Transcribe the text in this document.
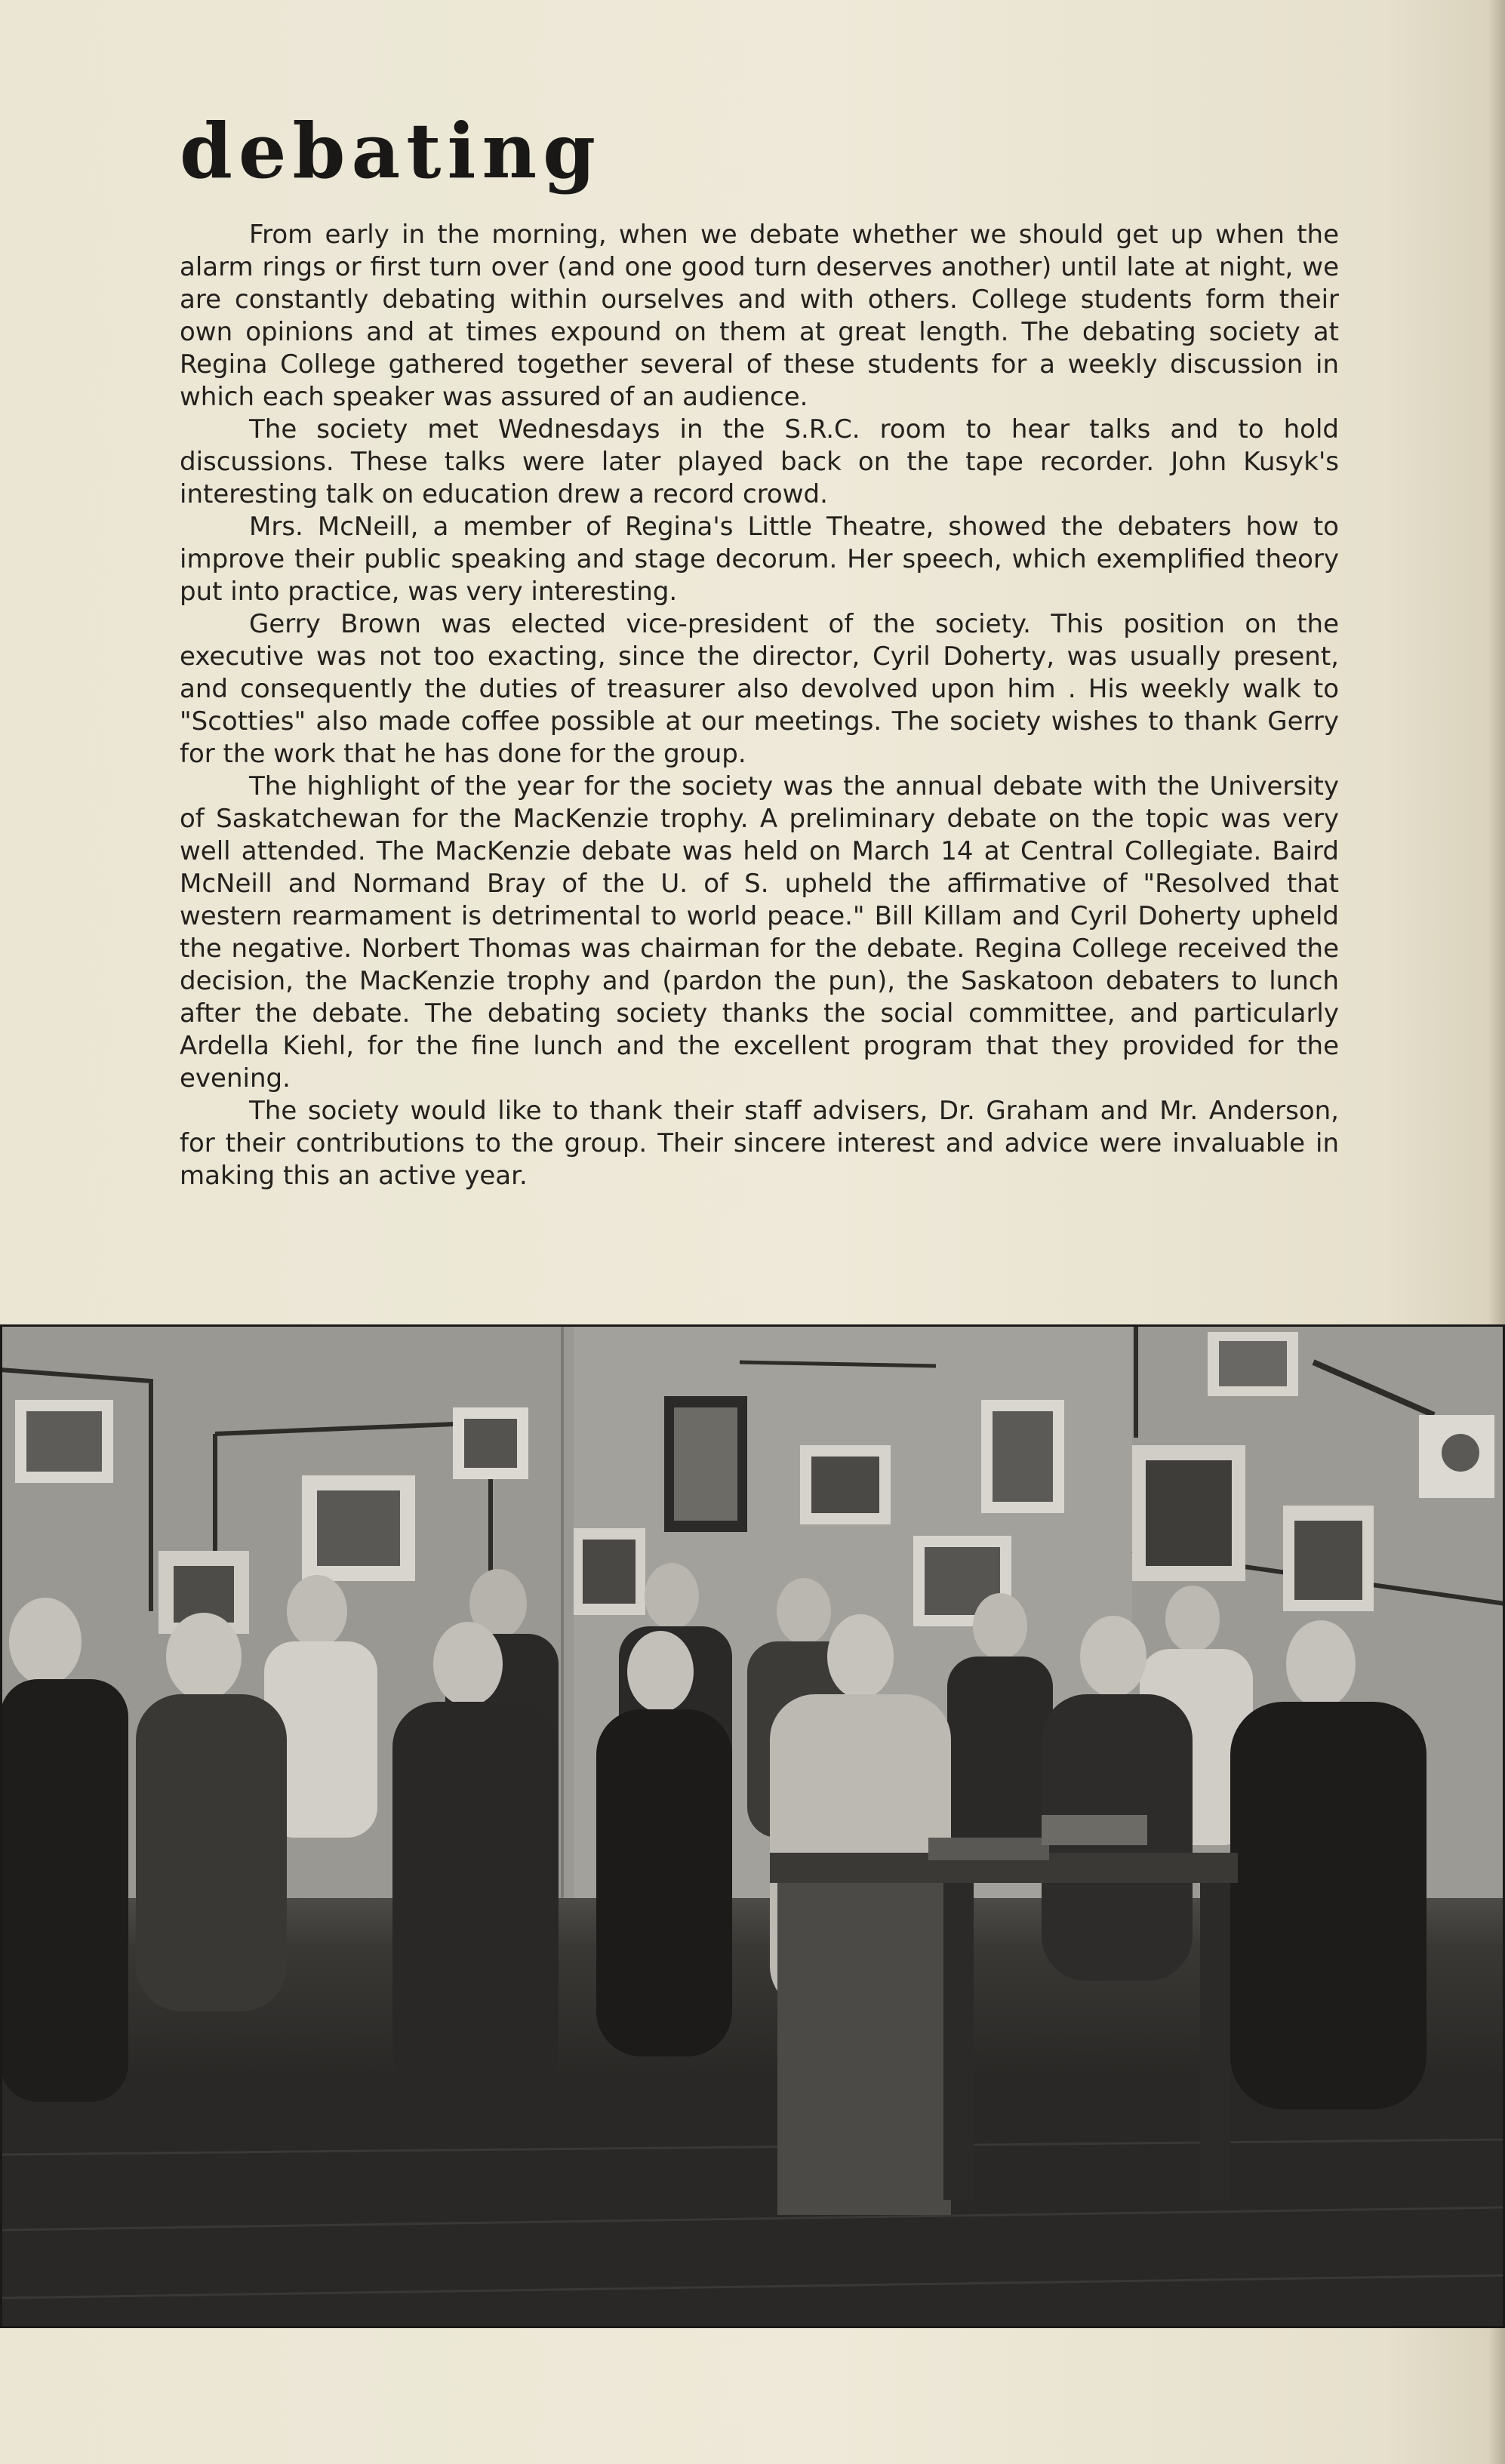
debating

From early in the morning, when we debate whether we should get up when the alarm rings or first turn over (and one good turn deserves another) until late at night, we are constantly debating within ourselves and with others. College students form their own opinions and at times expound on them at great length. The debating society at Regina College gathered together several of these students for a weekly discussion in which each speaker was assured of an audience.

The society met Wednesdays in the S.R.C. room to hear talks and to hold discussions. These talks were later played back on the tape recorder. John Kusyk's interesting talk on education drew a record crowd.

Mrs. McNeill, a member of Regina's Little Theatre, showed the debaters how to improve their public speaking and stage decorum. Her speech, which exemplified theory put into practice, was very interesting.

Gerry Brown was elected vice-president of the society. This position on the executive was not too exacting, since the director, Cyril Doherty, was usually present, and consequently the duties of treasurer also devolved upon him . His weekly walk to "Scotties" also made coffee possible at our meetings. The society wishes to thank Gerry for the work that he has done for the group.

The highlight of the year for the society was the annual debate with the University of Saskatchewan for the MacKenzie trophy. A preliminary debate on the topic was very well attended. The MacKenzie debate was held on March 14 at Central Collegiate. Baird McNeill and Normand Bray of the U. of S. upheld the affirmative of "Resolved that western rearmament is detrimental to world peace." Bill Killam and Cyril Doherty upheld the negative. Norbert Thomas was chairman for the debate. Regina College received the decision, the MacKenzie trophy and (pardon the pun), the Saskatoon debaters to lunch after the debate. The debating society thanks the social committee, and particularly Ardella Kiehl, for the fine lunch and the excellent program that they provided for the evening.

The society would like to thank their staff advisers, Dr. Graham and Mr. Anderson, for their contributions to the group. Their sincere interest and advice were invaluable in making this an active year.
